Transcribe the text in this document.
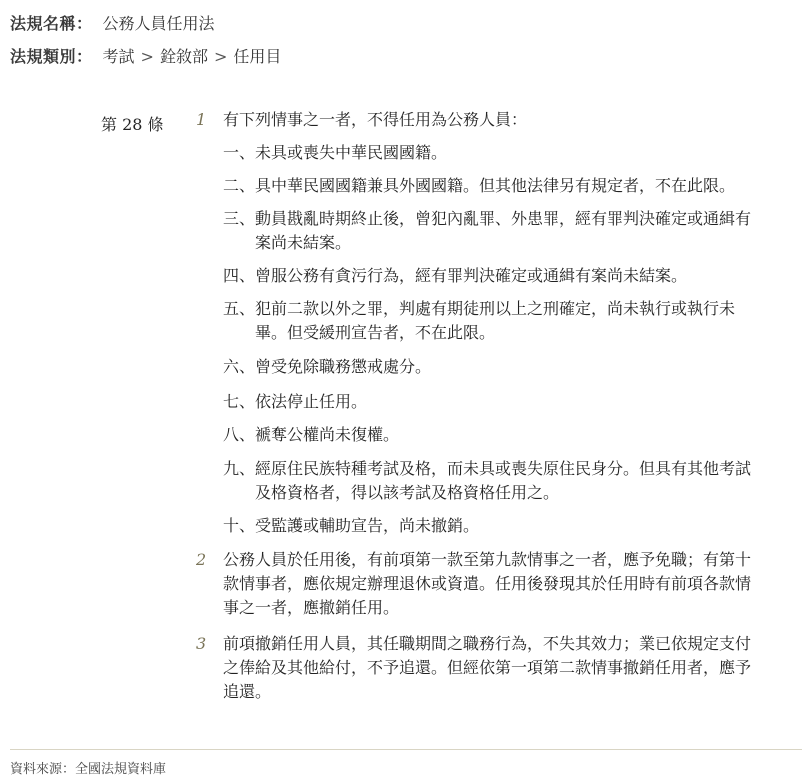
法規名稱： 公務人員任用法
法規類別： 考試 > 銓敘部 > 任用目
第 28 條 1 有下列情事之一者，不得任用為公務人員：
一、未具或喪失中華民國國籍。
二、具中華民國國籍兼具外國國籍。但其他法律另有規定者，不在此限。
三、動員戡亂時期終止後，曾犯內亂罪、外患罪，經有罪判決確定或通緝有
案尚未結案。
四、曾服公務有貪污行為，經有罪判決確定或通緝有案尚未結案。
五、犯前二款以外之罪，判處有期徒刑以上之刑確定，尚未執行或執行未
畢。但受緩刑宣告者，不在此限。
六、曾受免除職務懲戒處分。
七、依法停止任用。
八、褫奪公權尚未復權。
九、經原住民族特種考試及格，而未具或喪失原住民身分。但具有其他考試
及格資格者，得以該考試及格資格任用之。
十、受監護或輔助宣告，尚未撤銷。
2 公務人員於任用後，有前項第一款至第九款情事之一者，應予免職；有第十
款情事者，應依規定辦理退休或資遣。任用後發現其於任用時有前項各款情
事之一者，應撤銷任用。
3 前項撤銷任用人員，其任職期間之職務行為，不失其效力；業已依規定支付
之俸給及其他給付，不予追還。但經依第一項第二款情事撤銷任用者，應予
追還。
資料來源：全國法規資料庫
